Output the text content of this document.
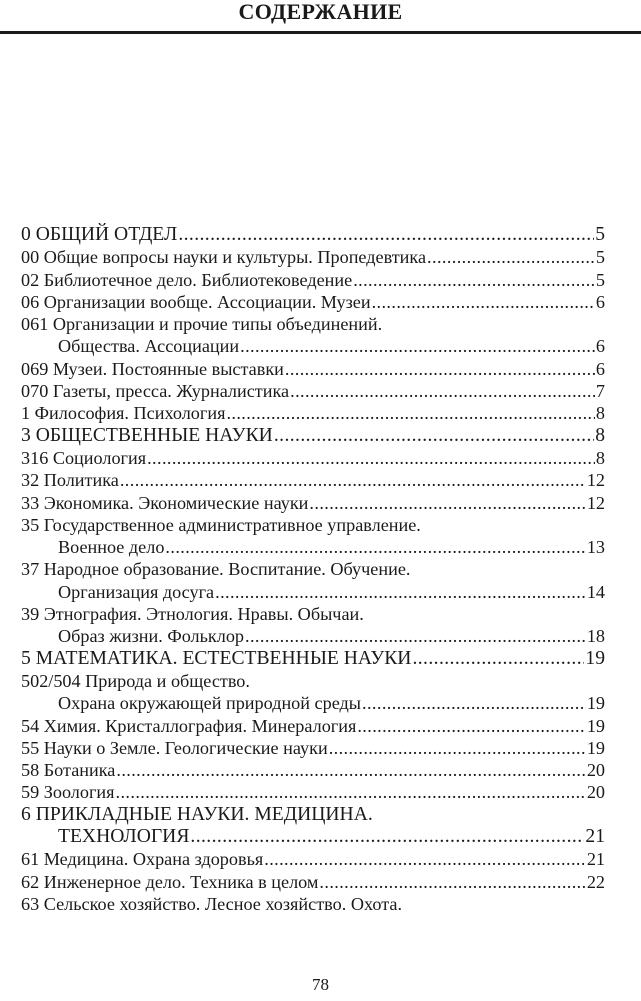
СОДЕРЖАНИЕ
0 ОБЩИЙ ОТДЕЛ .....	5
00 Общие вопросы науки и культуры. Пропедевтика .....	5
02 Библиотечное дело. Библиотековедение .....	5
06 Организации вообще. Ассоциации. Музеи .....	6
061 Организации и прочие типы объединений.
Общества. Ассоциации .....	6
069 Музеи. Постоянные выставки .....	6
070 Газеты, пресса. Журналистика .....	7
1 Философия. Психология .....	8
3 ОБЩЕСТВЕННЫЕ НАУКИ .....	8
316 Социология .....	8
32 Политика .....	12
33 Экономика. Экономические науки .....	12
35 Государственное административное управление.
Военное дело .....	13
37 Народное образование. Воспитание. Обучение.
Организация досуга .....	14
39 Этнография. Этнология. Нравы. Обычаи.
Образ жизни. Фольклор .....	18
5 МАТЕМАТИКА. ЕСТЕСТВЕННЫЕ НАУКИ .....	19
502/504 Природа и общество.
Охрана окружающей природной среды .....	19
54 Химия. Кристаллография. Минералогия .....	19
55 Науки о Земле. Геологические науки .....	19
58 Ботаника .....	20
59 Зоология .....	20
6 ПРИКЛАДНЫЕ НАУКИ. МЕДИЦИНА.
ТЕХНОЛОГИЯ .....	21
61 Медицина. Охрана здоровья .....	21
62 Инженерное дело. Техника в целом .....	22
63 Сельское хозяйство. Лесное хозяйство. Охота.
78
